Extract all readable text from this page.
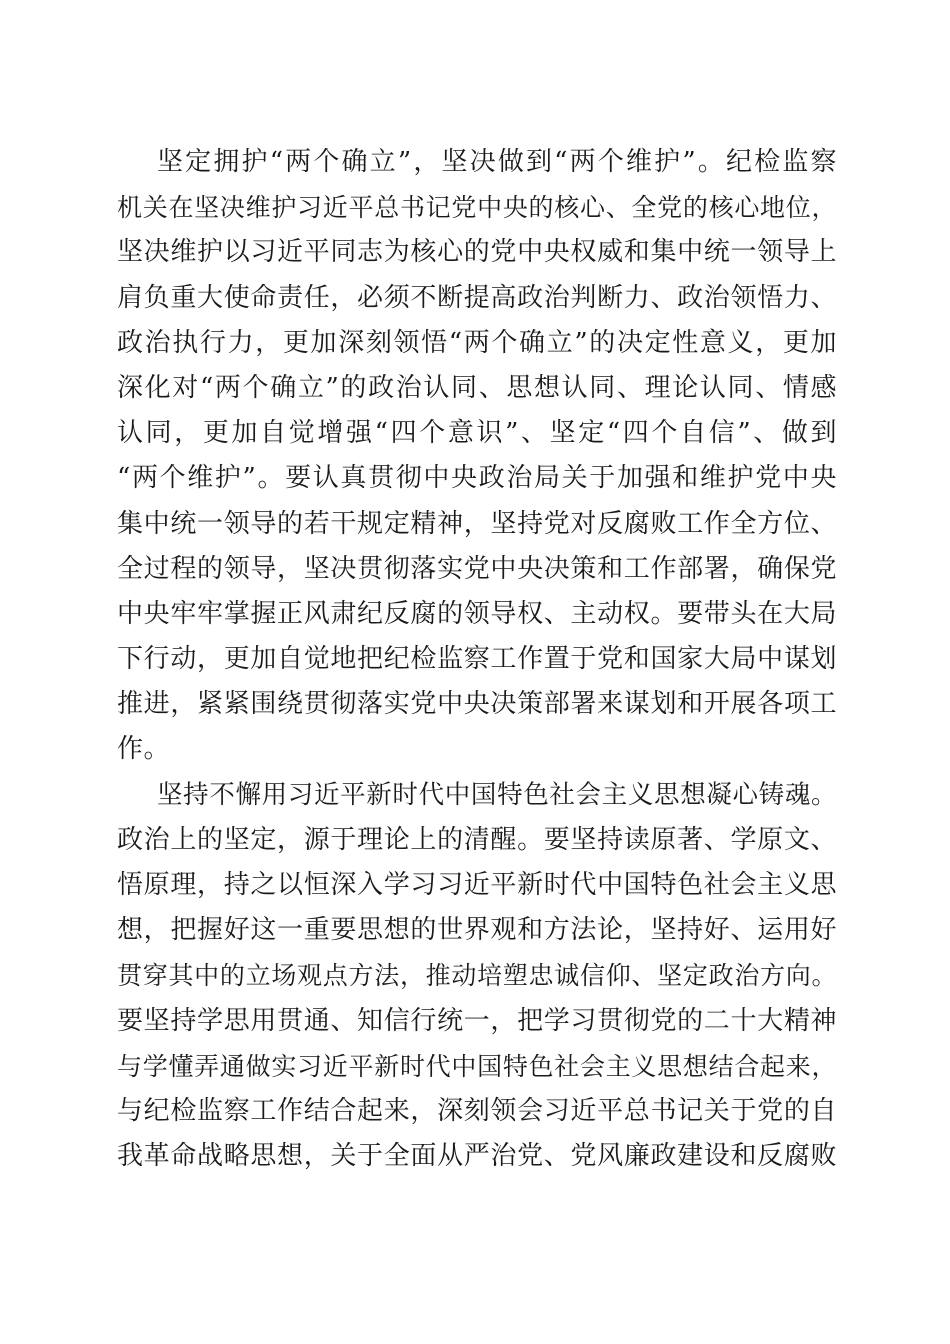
坚定拥护“两个确立”，坚决做到“两个维护”。纪检监察
机关在坚决维护习近平总书记党中央的核心、全党的核心地位，
坚决维护以习近平同志为核心的党中央权威和集中统一领导上
肩负重大使命责任，必须不断提高政治判断力、政治领悟力、
政治执行力，更加深刻领悟“两个确立”的决定性意义，更加
深化对“两个确立”的政治认同、思想认同、理论认同、情感
认同，更加自觉增强“四个意识”、坚定“四个自信”、做到
“两个维护”。要认真贯彻中央政治局关于加强和维护党中央
集中统一领导的若干规定精神，坚持党对反腐败工作全方位、
全过程的领导，坚决贯彻落实党中央决策和工作部署，确保党
中央牢牢掌握正风肃纪反腐的领导权、主动权。要带头在大局
下行动，更加自觉地把纪检监察工作置于党和国家大局中谋划
推进，紧紧围绕贯彻落实党中央决策部署来谋划和开展各项工
作。
坚持不懈用习近平新时代中国特色社会主义思想凝心铸魂。
政治上的坚定，源于理论上的清醒。要坚持读原著、学原文、
悟原理，持之以恒深入学习习近平新时代中国特色社会主义思
想，把握好这一重要思想的世界观和方法论，坚持好、运用好
贯穿其中的立场观点方法，推动培塑忠诚信仰、坚定政治方向。
要坚持学思用贯通、知信行统一，把学习贯彻党的二十大精神
与学懂弄通做实习近平新时代中国特色社会主义思想结合起来，
与纪检监察工作结合起来，深刻领会习近平总书记关于党的自
我革命战略思想，关于全面从严治党、党风廉政建设和反腐败
